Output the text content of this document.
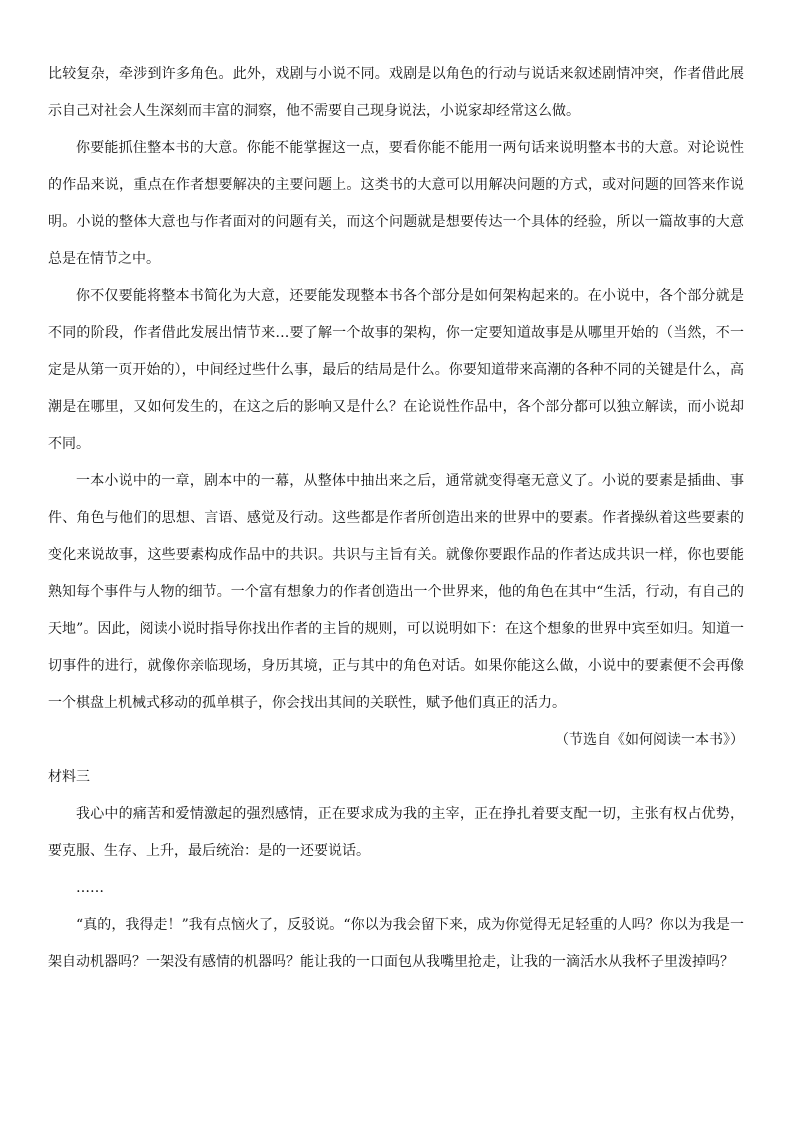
比较复杂，牵涉到许多角色。此外，戏剧与小说不同。戏剧是以角色的行动与说话来叙述剧情冲突，作者借此展示自己对社会人生深刻而丰富的洞察，他不需要自己现身说法，小说家却经常这么做。

你要能抓住整本书的大意。你能不能掌握这一点，要看你能不能用一两句话来说明整本书的大意。对论说性的作品来说，重点在作者想要解决的主要问题上。这类书的大意可以用解决问题的方式，或对问题的回答来作说明。小说的整体大意也与作者面对的问题有关，而这个问题就是想要传达一个具体的经验，所以一篇故事的大意总是在情节之中。

你不仅要能将整本书简化为大意，还要能发现整本书各个部分是如何架构起来的。在小说中，各个部分就是不同的阶段，作者借此发展出情节来…要了解一个故事的架构，你一定要知道故事是从哪里开始的（当然，不一定是从第一页开始的），中间经过些什么事，最后的结局是什么。你要知道带来高潮的各种不同的关键是什么，高潮是在哪里，又如何发生的，在这之后的影响又是什么？在论说性作品中，各个部分都可以独立解读，而小说却不同。

一本小说中的一章，剧本中的一幕，从整体中抽出来之后，通常就变得毫无意义了。小说的要素是插曲、事件、角色与他们的思想、言语、感觉及行动。这些都是作者所创造出来的世界中的要素。作者操纵着这些要素的变化来说故事，这些要素构成作品中的共识。共识与主旨有关。就像你要跟作品的作者达成共识一样，你也要能熟知每个事件与人物的细节。一个富有想象力的作者创造出一个世界来，他的角色在其中“生活，行动，有自己的天地”。因此，阅读小说时指导你找出作者的主旨的规则，可以说明如下：在这个想象的世界中宾至如归。知道一切事件的进行，就像你亲临现场，身历其境，正与其中的角色对话。如果你能这么做，小说中的要素便不会再像一个棋盘上机械式移动的孤单棋子，你会找出其间的关联性，赋予他们真正的活力。

（节选自《如何阅读一本书》）

材料三

我心中的痛苦和爱情激起的强烈感情，正在要求成为我的主宰，正在挣扎着要支配一切，主张有权占优势，要克服、生存、上升，最后统治：是的一还要说话。

……

“真的，我得走！”我有点恼火了，反驳说。“你以为我会留下来，成为你觉得无足轻重的人吗？你以为我是一架自动机器吗？一架没有感情的机器吗？能让我的一口面包从我嘴里抢走，让我的一滴活水从我杯子里泼掉吗？
